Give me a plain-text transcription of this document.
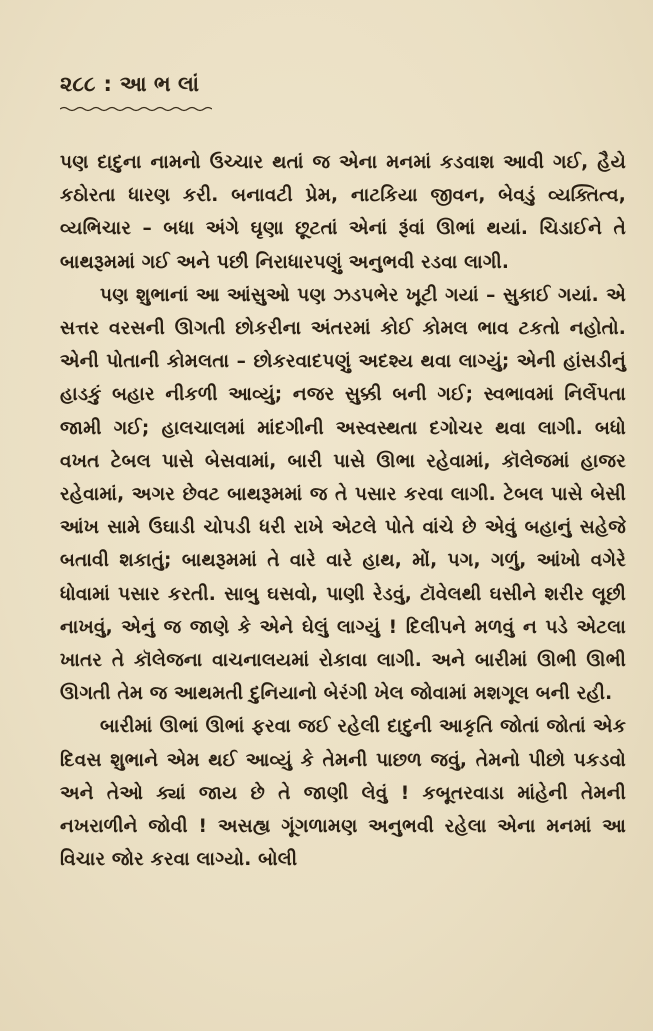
૨૮૮ : આ ભ લાં

પણ દાદુના નામનો ઉચ્ચાર થતાં જ એના મનમાં કડવાશ આવી ગઈ, હૈયે કઠોરતા ધારણ કરી. બનાવટી પ્રેમ, નાટકિયા જીવન, બેવડું વ્યક્તિત્વ, વ્યભિચાર – બધા અંગે ઘૃણા છૂટતાં એનાં રૂંવાં ઊભાં થયાં. ચિડાઈને તે બાથરૂમમાં ગઈ અને પછી નિરાધારપણું અનુભવી રડવા લાગી.

પણ શુભાનાં આ આંસુઓ પણ ઝડપભેર ખૂટી ગયાં – સુકાઈ ગયાં. એ સત્તર વરસની ઊગતી છોકરીના અંતરમાં કોઈ કોમલ ભાવ ટકતો નહોતો. એની પોતાની કોમલતા – છોકરવાદપણું અદશ્ય થવા લાગ્યું; એની હાંસડીનું હાડકું બહાર નીકળી આવ્યું; નજર સુક્કી બની ગઈ; સ્વભાવમાં નિર્લેપતા જામી ગઈ; હાલચાલમાં માંદગીની અસ્વસ્થતા દગોચર થવા લાગી. બધો વખત ટેબલ પાસે બેસવામાં, બારી પાસે ઊભા રહેવામાં, કૉલેજમાં હાજર રહેવામાં, અગર છેવટ બાથરૂમમાં જ તે પસાર કરવા લાગી. ટેબલ પાસે બેસી આંખ સામે ઉઘાડી ચોપડી ધરી રાખે એટલે પોતે વાંચે છે એવું બહાનું સહેજે બતાવી શકાતું; બાથરૂમમાં તે વારે વારે હાથ, મોં, પગ, ગળું, આંખો વગેરે ધોવામાં પસાર કરતી. સાબુ ઘસવો, પાણી રેડવું, ટૉવેલથી ઘસીને શરીર લૂછી નાખવું, એનું જ જાણે કે એને ઘેલું લાગ્યું ! દિલીપને મળવું ન પડે એટલા ખાતર તે કૉલેજના વાચનાલયમાં રોકાવા લાગી. અને બારીમાં ઊભી ઊભી ઊગતી તેમ જ આથમતી દુનિયાનો બેરંગી ખેલ જોવામાં મશગૂલ બની રહી.

બારીમાં ઊભાં ઊભાં ફરવા જઈ રહેલી દાદુની આકૃતિ જોતાં જોતાં એક દિવસ શુભાને એમ થઈ આવ્યું કે તેમની પાછળ જવું, તેમનો પીછો પકડવો અને તેઓ ક્યાં જાય છે તે જાણી લેવું ! કબૂતરવાડા માંહેની તેમની નખરાળીને જોવી ! અસહ્ય ગૂંગળામણ અનુભવી રહેલા એના મનમાં આ વિચાર જોર કરવા લાગ્યો. બોલી
